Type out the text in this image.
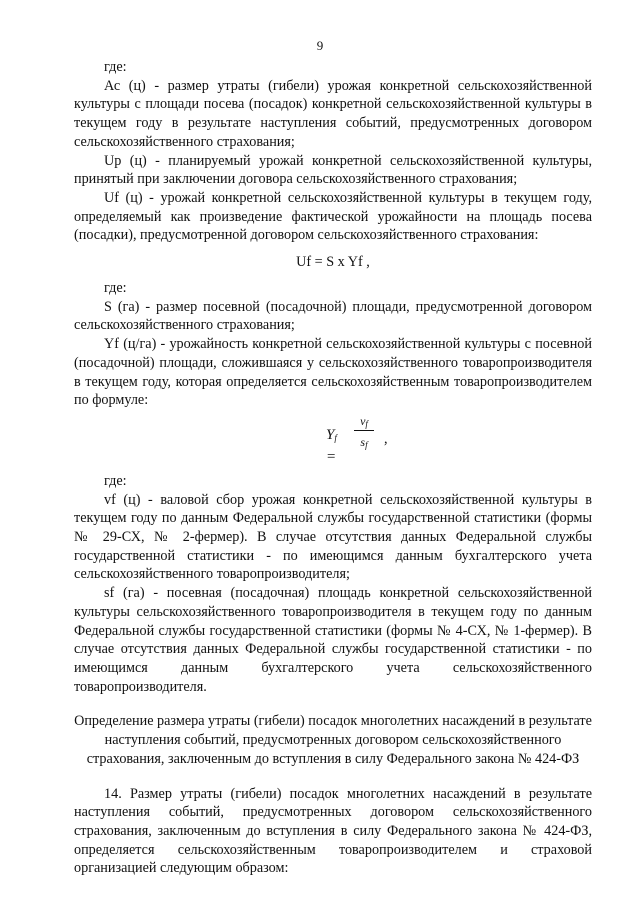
9

где:

Ас (ц) - размер утраты (гибели) урожая конкретной сельскохозяйственной культуры с площади посева (посадок) конкретной сельскохозяйственной культуры в текущем году в результате наступления событий, предусмотренных договором сельскохозяйственного страхования;

Uр (ц) - планируемый урожай конкретной сельскохозяйственной культуры, принятый при заключении договора сельскохозяйственного страхования;

Uf (ц) - урожай конкретной сельскохозяйственной культуры в текущем году, определяемый как произведение фактической урожайности на площадь посева (посадки), предусмотренной договором сельскохозяйственного страхования:

Uf = S x Yf ,

где:

S (га) - размер посевной (посадочной) площади, предусмотренной договором сельскохозяйственного страхования;

Yf (ц/га) - урожайность конкретной сельскохозяйственной культуры с посевной (посадочной) площади, сложившаяся у сельскохозяйственного товаропроизводителя в текущем году, которая определяется сельскохозяйственным товаропроизводителем по формуле:

$Y_f$ =
$v_f$
$s_f$	,

где:

vf (ц) - валовой сбор урожая конкретной сельскохозяйственной культуры в текущем году по данным Федеральной службы государственной статистики (формы № 29-СХ, № 2-фермер). В случае отсутствия данных Федеральной службы государственной статистики - по имеющимся данным бухгалтерского учета сельскохозяйственного товаропроизводителя;

sf (га) - посевная (посадочная) площадь конкретной сельскохозяйственной культуры сельскохозяйственного товаропроизводителя в текущем году по данным Федеральной службы государственной статистики (формы № 4-СХ, № 1-фермер). В случае отсутствия данных Федеральной службы государственной статистики - по имеющимся данным бухгалтерского учета сельскохозяйственного товаропроизводителя.

Определение размера утраты (гибели) посадок многолетних насаждений в результате наступления событий, предусмотренных договором сельскохозяйственного страхования, заключенным до вступления в силу Федерального закона № 424-ФЗ

14. Размер утраты (гибели) посадок многолетних насаждений в результате наступления событий, предусмотренных договором сельскохозяйственного страхования, заключенным до вступления в силу Федерального закона № 424-ФЗ, определяется сельскохозяйственным товаропроизводителем и страховой организацией следующим образом:
